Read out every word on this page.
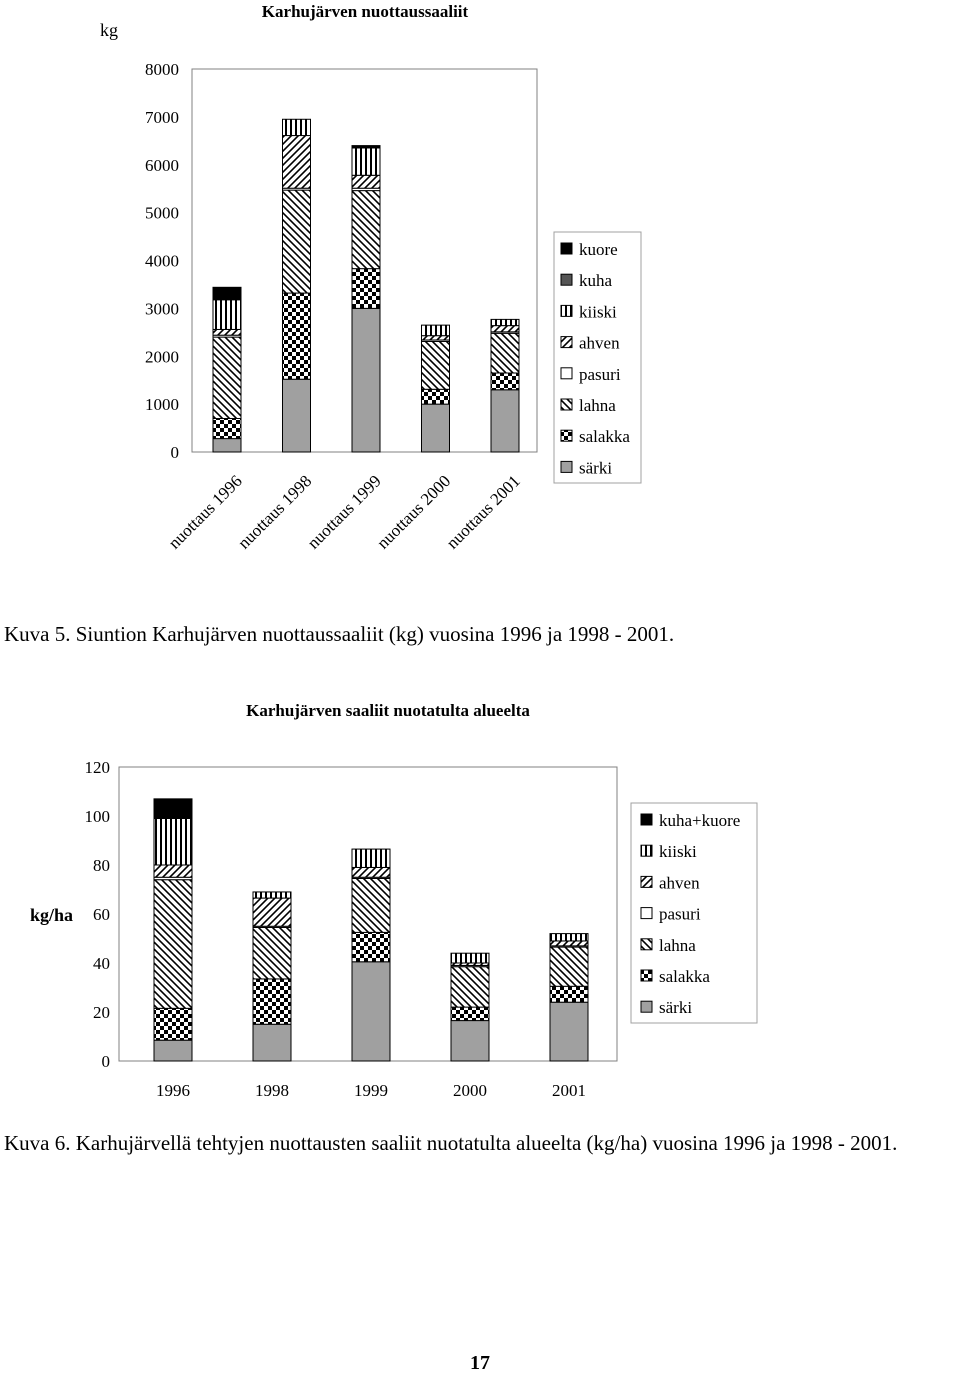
Karhujärven nuottaussaaliit
kg
0
1000
2000
3000
4000
5000
6000
7000
8000
nuottaus 1996
nuottaus 1998
nuottaus 1999
nuottaus 2000
nuottaus 2001
kuore
kuha
kiiski
ahven
pasuri
lahna
salakka
särki
Kuva 5. Siuntion Karhujärven nuottaussaaliit (kg) vuosina 1996 ja 1998 - 2001.
Karhujärven saaliit nuotatulta alueelta
kg/ha
0
20
40
60
80
100
120
1996	1998	1999	2000	2001
kuha+kuore
kiiski
ahven
pasuri
lahna
salakka
särki
Kuva 6. Karhujärvellä tehtyjen nuottausten saaliit nuotatulta alueelta (kg/ha) vuosina 1996 ja 1998 - 2001.
17
